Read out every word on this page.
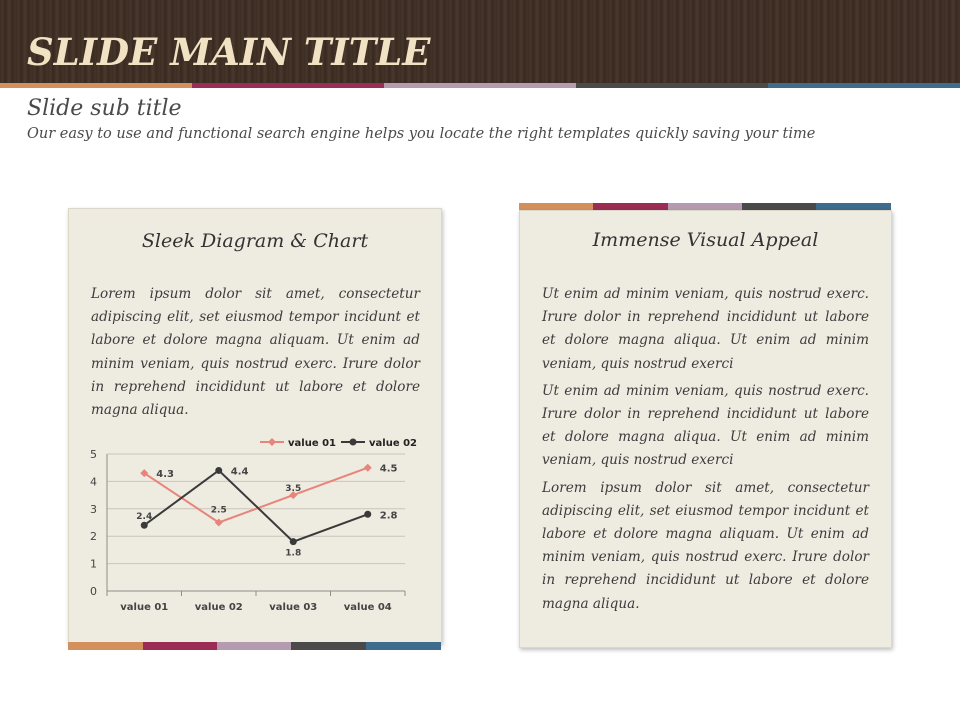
SLIDE MAIN TITLE
Slide sub title
Our easy to use and functional search engine helps you locate the right templates quickly saving your time
Sleek Diagram & Chart

Lorem ipsum dolor sit amet, consectetur adipiscing elit, set eiusmod tempor incidunt et labore et dolore magna aliquam. Ut enim ad minim veniam, quis nostrud exerc. Irure dolor in reprehend incididunt ut labore et dolore magna aliqua.

0
1
2
3
4
5
value 01	value 02	value 03	value 04
4.3
2.5
3.5
4.5
2.4
4.4
1.8
2.8
value 01	value 02
Immense Visual Appeal

Ut enim ad minim veniam, quis nostrud exerc. Irure dolor in reprehend incididunt ut labore et dolore magna aliqua. Ut enim ad minim veniam, quis nostrud exerci

Ut enim ad minim veniam, quis nostrud exerc. Irure dolor in reprehend incididunt ut labore et dolore magna aliqua. Ut enim ad minim veniam, quis nostrud exerci

Lorem ipsum dolor sit amet, consectetur adipiscing elit, set eiusmod tempor incidunt et labore et dolore magna aliquam. Ut enim ad minim veniam, quis nostrud exerc. Irure dolor in reprehend incididunt ut labore et dolore magna aliqua.
